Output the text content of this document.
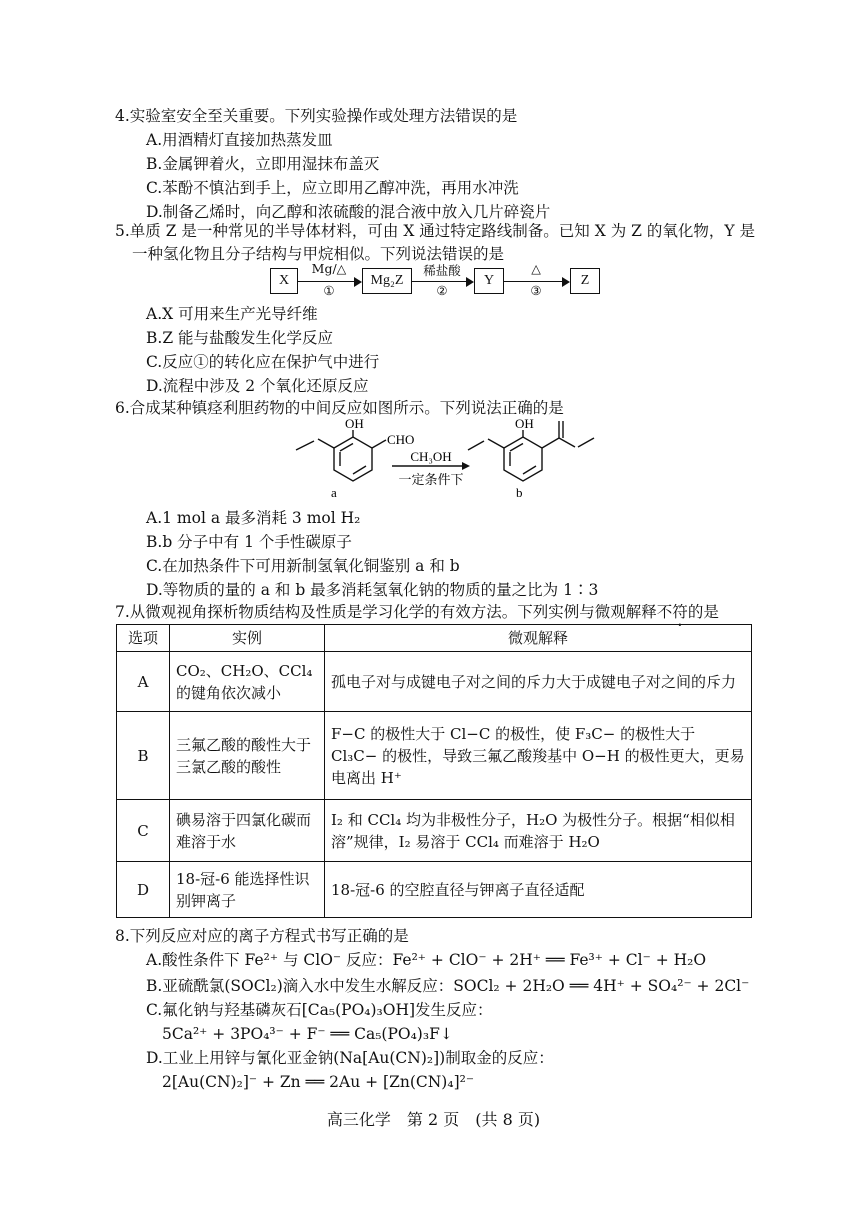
4.实验室安全至关重要。下列实验操作或处理方法错误的是
A.用酒精灯直接加热蒸发皿
B.金属钾着火，立即用湿抹布盖灭
C.苯酚不慎沾到手上，应立即用乙醇冲洗，再用水冲洗
D.制备乙烯时，向乙醇和浓硫酸的混合液中放入几片碎瓷片
5.单质 Z 是一种常见的半导体材料，可由 X 通过特定路线制备。已知 X 为 Z 的氧化物，Y 是
一种氢化物且分子结构与甲烷相似。下列说法错误的是
X
Mg/△
①
Mg₂Z
稀盐酸
②
Y
△
③
Z
A.X 可用来生产光导纤维
B.Z 能与盐酸发生化学反应
C.反应①的转化应在保护气中进行
D.流程中涉及 2 个氧化还原反应
6.合成某种镇痉利胆药物的中间反应如图所示。下列说法正确的是
OH
CHO
a
CH₃OH
一定条件下
OH
b
A.1 mol a 最多消耗 3 mol H₂
B.b 分子中有 1 个手性碳原子
C.在加热条件下可用新制氢氧化铜鉴别 a 和 b
D.等物质的量的 a 和 b 最多消耗氢氧化钠的物质的量之比为 1∶3
7.从微观视角探析物质结构及性质是学习化学的有效方法。下列实例与微观解释不符的是
选项	实例	微观解释
A	CO₂、CH₂O、CCl₄ 的键角依次减小	孤电子对与成键电子对之间的斥力大于成键电子对之间的斥力
B	三氟乙酸的酸性大于三氯乙酸的酸性	F−C 的极性大于 Cl−C 的极性，使 F₃C− 的极性大于 Cl₃C− 的极性，导致三氟乙酸羧基中 O−H 的极性更大，更易电离出 H⁺
C	碘易溶于四氯化碳而难溶于水	I₂ 和 CCl₄ 均为非极性分子，H₂O 为极性分子。根据“相似相溶”规律，I₂ 易溶于 CCl₄ 而难溶于 H₂O
D	18-冠-6 能选择性识别钾离子	18-冠-6 的空腔直径与钾离子直径适配
8.下列反应对应的离子方程式书写正确的是
A.酸性条件下 Fe²⁺ 与 ClO⁻ 反应：Fe²⁺ + ClO⁻ + 2H⁺ ══ Fe³⁺ + Cl⁻ + H₂O
B.亚硫酰氯(SOCl₂)滴入水中发生水解反应：SOCl₂ + 2H₂O ══ 4H⁺ + SO₄²⁻ + 2Cl⁻
C.氟化钠与羟基磷灰石[Ca₅(PO₄)₃OH]发生反应：
5Ca²⁺ + 3PO₄³⁻ + F⁻ ══ Ca₅(PO₄)₃F↓
D.工业上用锌与氰化亚金钠(Na[Au(CN)₂])制取金的反应：
2[Au(CN)₂]⁻ + Zn ══ 2Au + [Zn(CN)₄]²⁻
高三化学　第 2 页　(共 8 页)
